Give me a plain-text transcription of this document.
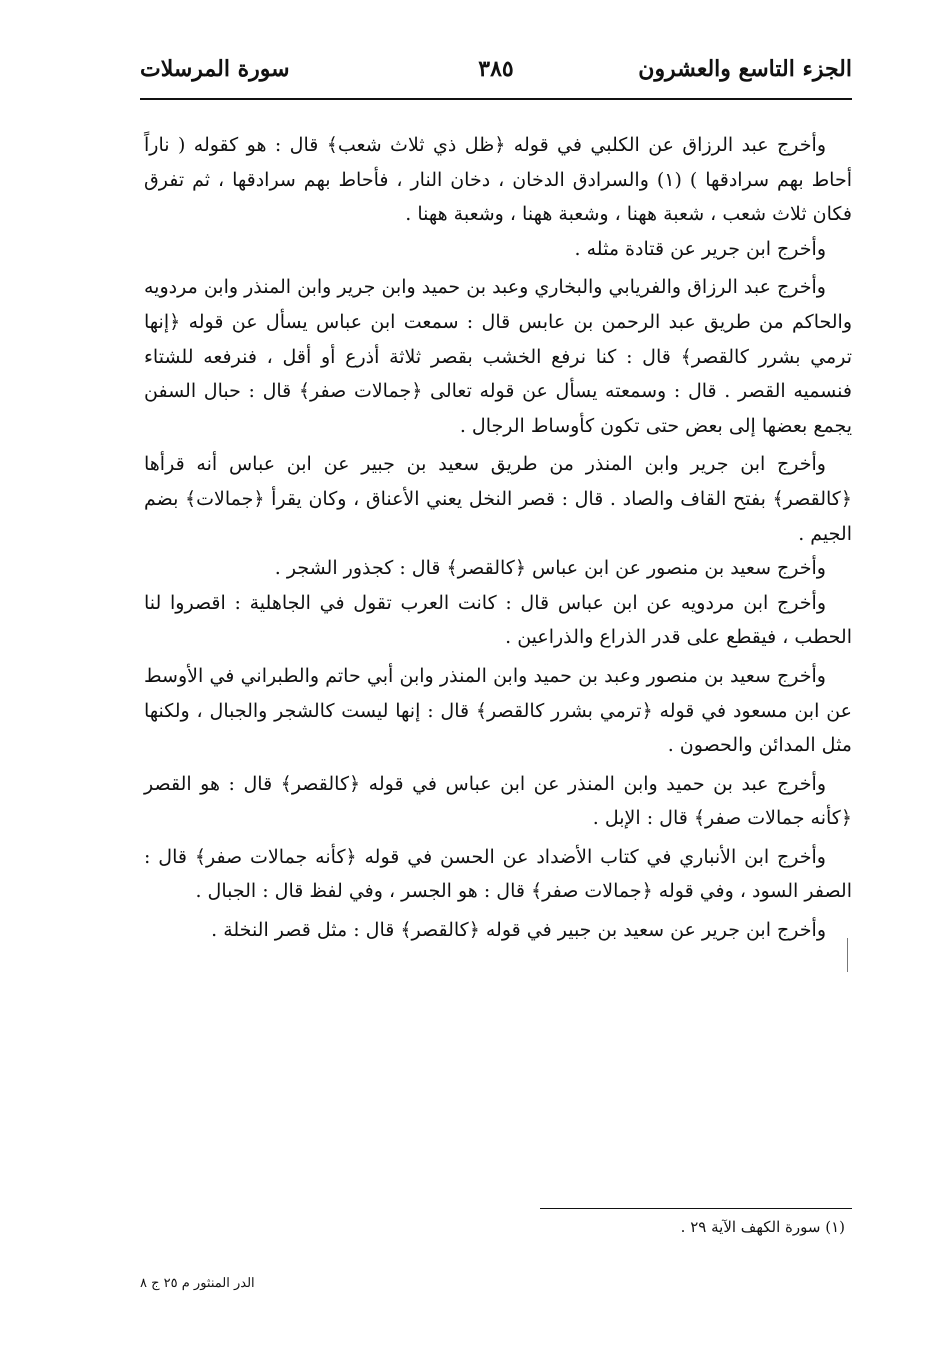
الجزء التاسع والعشرون
٣٨٥
سورة المرسلات

وأخرج عبد الرزاق عن الكلبي في قوله ﴿ظل ذي ثلاث شعب﴾ قال : هو كقوله ( ناراً أحاط بهم سرادقها ) (١) والسرادق الدخان ، دخان النار ، فأحاط بهم سرادقها ، ثم تفرق فكان ثلاث شعب ، شعبة ههنا ، وشعبة ههنا ، وشعبة ههنا .

وأخرج ابن جرير عن قتادة مثله .

وأخرج عبد الرزاق والفريابي والبخاري وعبد بن حميد وابن جرير وابن المنذر وابن مردويه والحاكم من طريق عبد الرحمن بن عابس قال : سمعت ابن عباس يسأل عن قوله ﴿إنها ترمي بشرر كالقصر﴾ قال : كنا نرفع الخشب بقصر ثلاثة أذرع أو أقل ، فنرفعه للشتاء فنسميه القصر . قال : وسمعته يسأل عن قوله تعالى ﴿جمالات صفر﴾ قال : حبال السفن يجمع بعضها إلى بعض حتى تكون كأوساط الرجال .

وأخرج ابن جرير وابن المنذر من طريق سعيد بن جبير عن ابن عباس أنه قرأها ﴿كالقصر﴾ بفتح القاف والصاد . قال : قصر النخل يعني الأعناق ، وكان يقرأ ﴿جمالات﴾ بضم الجيم .

وأخرج سعيد بن منصور عن ابن عباس ﴿كالقصر﴾ قال : كجذور الشجر .

وأخرج ابن مردويه عن ابن عباس قال : كانت العرب تقول في الجاهلية : اقصروا لنا الحطب ، فيقطع على قدر الذراع والذراعين .

وأخرج سعيد بن منصور وعبد بن حميد وابن المنذر وابن أبي حاتم والطبراني في الأوسط عن ابن مسعود في قوله ﴿ترمي بشرر كالقصر﴾ قال : إنها ليست كالشجر والجبال ، ولكنها مثل المدائن والحصون .

وأخرج عبد بن حميد وابن المنذر عن ابن عباس في قوله ﴿كالقصر﴾ قال : هو القصر ﴿كأنه جمالات صفر﴾ قال : الإبل .

وأخرج ابن الأنباري في كتاب الأضداد عن الحسن في قوله ﴿كأنه جمالات صفر﴾ قال : الصفر السود ، وفي قوله ﴿جمالات صفر﴾ قال : هو الجسر ، وفي لفظ قال : الجبال .

وأخرج ابن جرير عن سعيد بن جبير في قوله ﴿كالقصر﴾ قال : مثل قصر النخلة .

(١) سورة الكهف الآية ٢٩ .
الدر المنثور م ٢٥ ج ٨
